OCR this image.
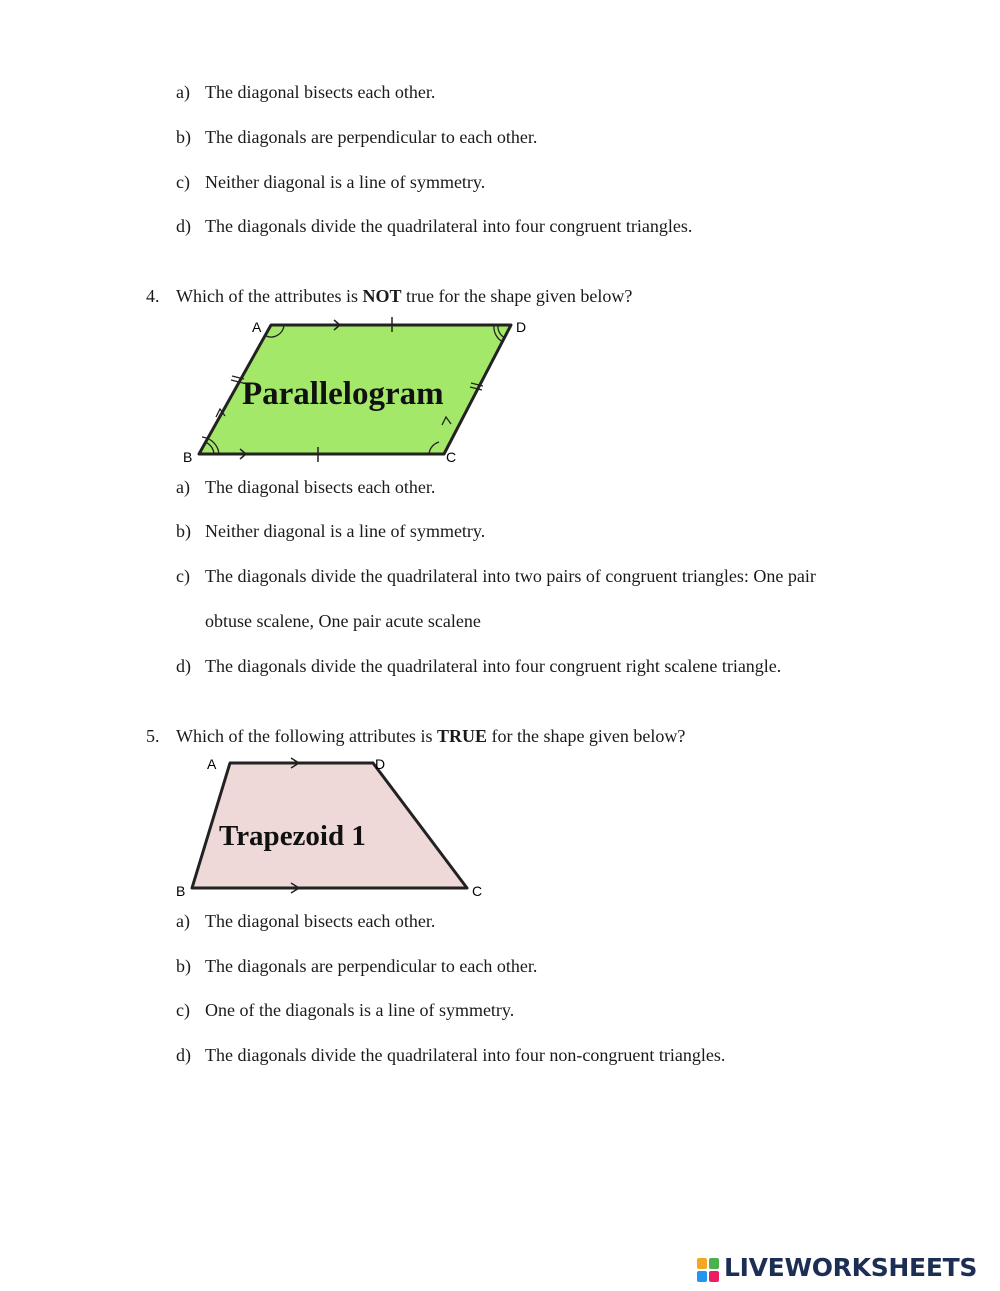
a) The diagonal bisects each other.
b) The diagonals are perpendicular to each other.
c) Neither diagonal is a line of symmetry.
d) The diagonals divide the quadrilateral into four congruent triangles.
4. Which of the attributes is NOT true for the shape given below?
A	D
B	C
Parallelogram
a) The diagonal bisects each other.
b) Neither diagonal is a line of symmetry.
c) The diagonals divide the quadrilateral into two pairs of congruent triangles: One pair
obtuse scalene, One pair acute scalene
d) The diagonals divide the quadrilateral into four congruent right scalene triangle.
5. Which of the following attributes is TRUE for the shape given below?
A	D
B	C
Trapezoid 1
a) The diagonal bisects each other.
b) The diagonals are perpendicular to each other.
c) One of the diagonals is a line of symmetry.
d) The diagonals divide the quadrilateral into four non-congruent triangles.
LIVEWORKSHEETS
